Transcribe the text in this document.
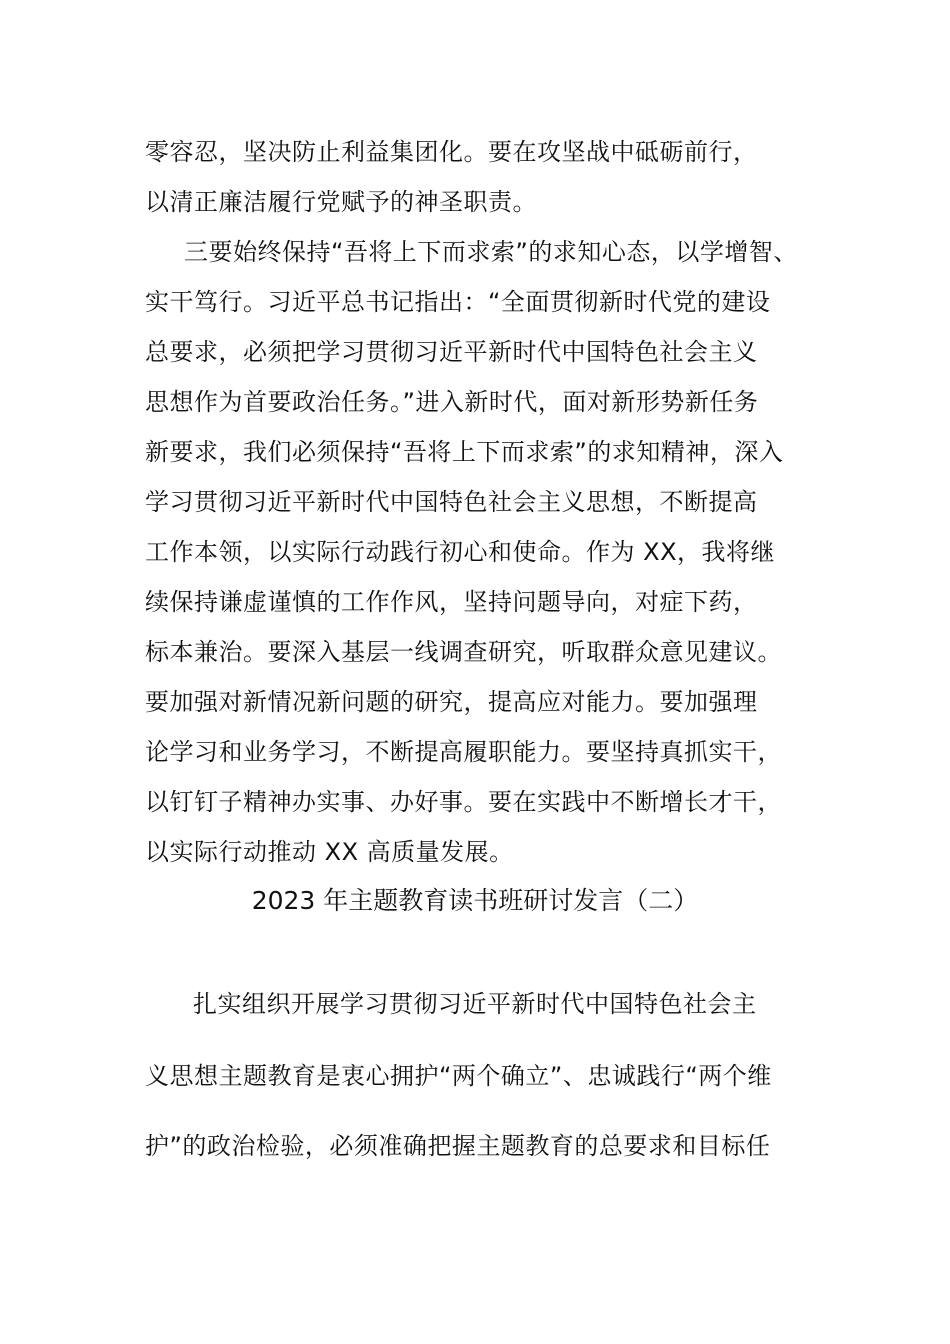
零容忍，坚决防止利益集团化。要在攻坚战中砥砺前行，
以清正廉洁履行党赋予的神圣职责。
三要始终保持“吾将上下而求索”的求知心态，以学增智、
实干笃行。习近平总书记指出：“全面贯彻新时代党的建设
总要求，必须把学习贯彻习近平新时代中国特色社会主义
思想作为首要政治任务。”进入新时代，面对新形势新任务
新要求，我们必须保持“吾将上下而求索”的求知精神，深入
学习贯彻习近平新时代中国特色社会主义思想，不断提高
工作本领，以实际行动践行初心和使命。作为 XX，我将继
续保持谦虚谨慎的工作作风，坚持问题导向，对症下药，
标本兼治。要深入基层一线调查研究，听取群众意见建议。
要加强对新情况新问题的研究，提高应对能力。要加强理
论学习和业务学习，不断提高履职能力。要坚持真抓实干，
以钉钉子精神办实事、办好事。要在实践中不断增长才干，
以实际行动推动 XX 高质量发展。
2023 年主题教育读书班研讨发言（二）
扎实组织开展学习贯彻习近平新时代中国特色社会主
义思想主题教育是衷心拥护“两个确立”、忠诚践行“两个维
护”的政治检验，必须准确把握主题教育的总要求和目标任
